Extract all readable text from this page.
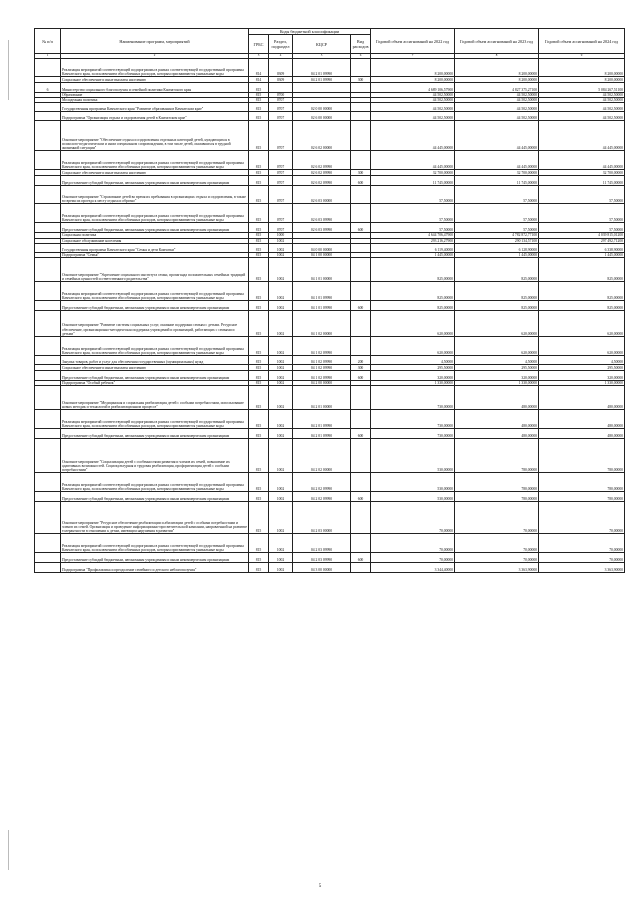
№ п/п	Наименование программ, мероприятий	Коды бюджетной классификации				Годовой объем ассигнований на 2022 год	Годовой объем ассигнований на 2023 год	Годовой объем ассигнований на 2024 год
		ГРБС	Раздел, подраздел	КЦСР	Вид расходов			
1	2	3	4	5	6	7	8	9
	Реализация мероприятий соответствующей подпрограммы в рамках соответствующей государственной программы Камчатского края, за исключением обособленных расходов, которым присваиваются уникальные коды	814	0309	04 2 01 09990		8 200,00000	8 200,00000	8 200,00000
	Социальное обеспечение и иные выплаты населению	814	0309	04 2 01 09990	300	8 200,00000	8 200,00000	8 200,00000
6	Министерство социального благополучия и семейной политики Камчатского края	815				4 689 106,57900	4 827 375,27100	5 084 267,51100
	Образование	815	0700			44 502,50000	44 502,50000	44 502,50000
	Молодежная политика	815	0707			44 502,50000	44 502,50000	44 502,50000
	Государственная программа Камчатского края "Развитие образования в Камчатском крае"	815	0707	02 0 00 00000		44 502,50000	44 502,50000	44 502,50000
	Подпрограмма "Организация отдыха и оздоровления детей в Камчатском крае"	815	0707	02 6 00 00000		44 502,50000	44 502,50000	44 502,50000
	Основное мероприятие "Обеспечение отдыха и оздоровления отдельных категорий детей, нуждающихся в психолого-педагогическом и ином специальном сопровождении, в том числе детей, оказавшихся в трудной жизненной ситуации"	815	0707	02 6 02 00000		44 445,00000	44 445,00000	44 445,00000
	Реализация мероприятий соответствующей подпрограммы в рамках соответствующей государственной программы Камчатского края, за исключением обособленных расходов, которым присваиваются уникальные коды	815	0707	02 6 02 09990		44 445,00000	44 445,00000	44 445,00000
	Социальное обеспечение и иные выплаты населению	815	0707	02 6 02 09990	300	32 700,00000	32 700,00000	32 700,00000
	Предоставление субсидий бюджетным, автономным учреждениям и иным некоммерческим организациям	815	0707	02 6 02 09990	600	11 745,00000	11 745,00000	11 745,00000
	Основное мероприятие "Страхование детей во время их пребывания в организациях отдыха и оздоровления, в также во время их проезда к месту отдыха и обратно"	815	0707	02 6 03 00000		57,50000	57,50000	57,50000
	Реализация мероприятий соответствующей подпрограммы в рамках соответствующей государственной программы Камчатского края, за исключением обособленных расходов, которым присваиваются уникальные коды	815	0707	02 6 03 09990		57,50000	57,50000	57,50000
	Предоставление субсидий бюджетным, автономным учреждениям и иным некоммерческим организациям	815	0707	02 6 03 09990	600	57,50000	57,50000	57,50000
	Социальная политика	815	1000			4 644 706,47900	4 782 872,77100	4 039 815,01200
	Социальное обслуживание населения	815	1002			293 216,27900	290 134,57100	297 492,71200
	Государственная программа Камчатского края "Семья и дети Камчатки"	815	1002	04 0 00 00000		6 119,40000	6 128,90000	6 338,90000
	Подпрограмма "Семья"	815	1002	04 1 00 00000		1 445,00000	1 445,00000	1 445,00000
	Основное мероприятие "Укрепление социального института семьи, пропаганда положительных семейных традиций и семейных ценностей и ответственного родительства"	815	1002	04 1 01 00000		825,00000	825,00000	825,00000
	Реализация мероприятий соответствующей подпрограммы в рамках соответствующей государственной программы Камчатского края, за исключением обособленных расходов, которым присваиваются уникальные коды	815	1002	04 1 01 09990		825,00000	825,00000	825,00000
	Предоставление субсидий бюджетным, автономным учреждениям и иным некоммерческим организациям	815	1002	04 1 01 09990	600	825,00000	825,00000	825,00000
	Основное мероприятие "Развитие системы социальных услуг, оказание поддержки семьям с детьми. Ресурсное обеспечение, организационно-методическая поддержка учреждений и организаций, работающих с семьями и детьми"	815	1002	04 1 02 00000		620,00000	620,00000	620,00000
	Реализация мероприятий соответствующей подпрограммы в рамках соответствующей государственной программы Камчатского края, за исключением обособленных расходов, которым присваиваются уникальные коды	815	1002	04 1 02 09990		620,00000	620,00000	620,00000
	Закупка товаров, работ и услуг для обеспечения государственных (муниципальных) нужд	815	1002	04 1 02 09990	200	4,50000	4,50000	4,50000
	Социальное обеспечение и иные выплаты населению	815	1002	04 1 02 09990	300	295,50000	295,50000	295,50000
	Предоставление субсидий бюджетным, автономным учреждениям и иным некоммерческим организациям	815	1002	04 1 02 09990	600	320,00000	320,00000	320,00000
	Подпрограмма "Особый ребенок"	815	1002	04 2 00 00000		1 330,00000	1 330,00000	1 330,00000
	Основное мероприятие "Медицинская и социальная реабилитация детей с особыми потребностями, использование новых методик и технологий в реабилитационном процессе"	815	1002	04 2 01 00000		730,00000	480,00000	480,00000
	Реализация мероприятий соответствующей подпрограммы в рамках соответствующей государственной программы Камчатского края, за исключением обособленных расходов, которым присваиваются уникальные коды	815	1002	04 2 01 09990		730,00000	480,00000	480,00000
	Предоставление субсидий бюджетным, автономным учреждениям и иным некоммерческим организациям	815	1002	04 2 01 09990	600	730,00000	480,00000	480,00000
	Основное мероприятие "Социализация детей с особенностями развития и членов их семей, повышение их адаптивных возможностей. Социокультурная и трудовая реабилитация, профориентация детей с особыми потребностями"	815	1002	04 2 02 00000		530,00000	780,00000	780,00000
	Реализация мероприятий соответствующей подпрограммы в рамках соответствующей государственной программы Камчатского края, за исключением обособленных расходов, которым присваиваются уникальные коды	815	1002	04 2 02 09990		530,00000	780,00000	780,00000
	Предоставление субсидий бюджетным, автономным учреждениям и иным некоммерческим организациям	815	1002	04 2 02 09990	600	530,00000	780,00000	780,00000
	Основное мероприятие "Ресурсное обеспечение реабилитации и абилитации детей с особыми потребностями и членов их семей. Организация и проведение информационно-просветительской кампании, направленной на развитие толерантности в отношении к детям, имеющим нарушения в развитии"	815	1002	04 2 03 00000		70,00000	70,00000	70,00000
	Реализация мероприятий соответствующей подпрограммы в рамках соответствующей государственной программы Камчатского края, за исключением обособленных расходов, которым присваиваются уникальные коды	815	1002	04 2 03 09990		70,00000	70,00000	70,00000
	Предоставление субсидий бюджетным, автономным учреждениям и иным некоммерческим организациям	815	1002	04 2 03 09990	600	70,00000	70,00000	70,00000
	Подпрограмма "Профилактика и преодоление семейного и детского неблагополучия"	815	1002	04 3 00 00000		3 344,40000	3 363,90000	3 363,90000
5
